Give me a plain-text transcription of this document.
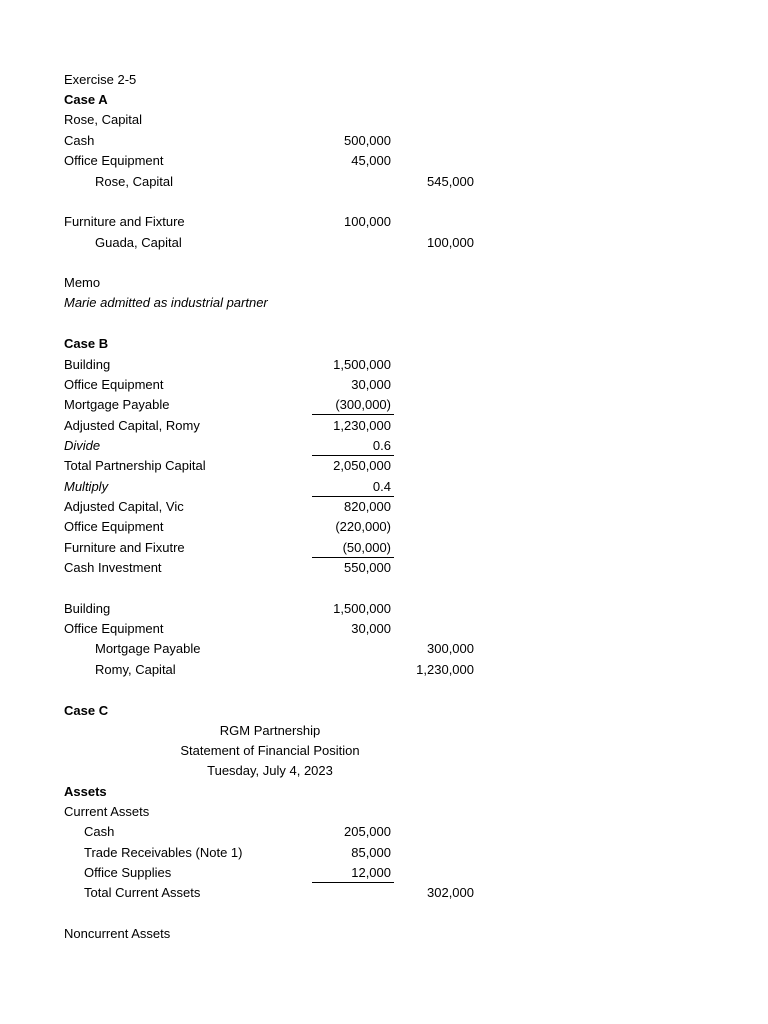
Exercise 2-5
Case A
Rose, Capital
Cash	500,000
Office Equipment	45,000
Rose, Capital	545,000
Furniture and Fixture	100,000
Guada, Capital	100,000
Memo
Marie admitted as industrial partner
Case B
Building	1,500,000
Office Equipment	30,000
Mortgage Payable	(300,000)
Adjusted Capital, Romy	1,230,000
Divide	0.6
Total Partnership Capital	2,050,000
Multiply	0.4
Adjusted Capital, Vic	820,000
Office Equipment	(220,000)
Furniture and Fixutre	(50,000)
Cash Investment	550,000
Building	1,500,000
Office Equipment	30,000
Mortgage Payable	300,000
Romy, Capital	1,230,000
Case C
RGM Partnership
Statement of Financial Position
Tuesday, July 4, 2023
Assets
Current Assets
Cash	205,000
Trade Receivables (Note 1)	85,000
Office Supplies	12,000
Total Current Assets	302,000
Noncurrent Assets
